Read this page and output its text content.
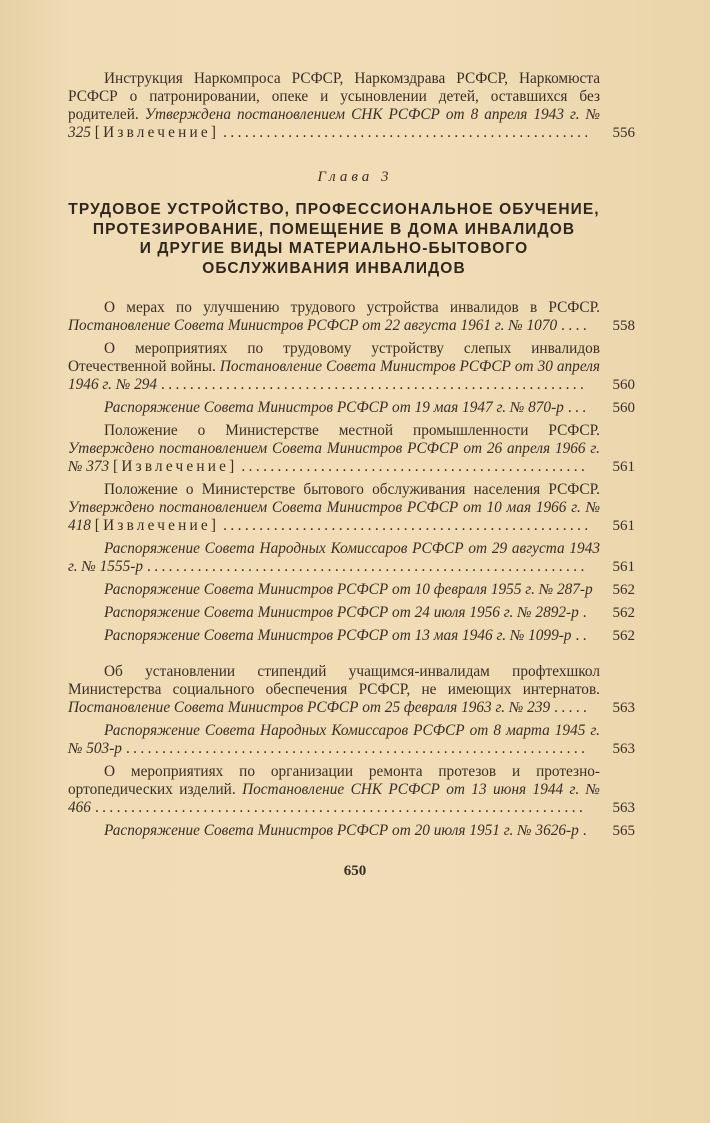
Инструкция Наркомпроса РСФСР, Наркомздрава РСФСР, Наркомюста РСФСР о патронировании, опеке и усыновлении детей, оставшихся без родителей. Утверждена постановлением СНК РСФСР от 8 апреля 1943 г. № 325 [Извлечение] ...................................................	556
Глава 3
ТРУДОВОЕ УСТРОЙСТВО, ПРОФЕССИОНАЛЬНОЕ ОБУЧЕНИЕ,
ПРОТЕЗИРОВАНИЕ, ПОМЕЩЕНИЕ В ДОМА ИНВАЛИДОВ
И ДРУГИЕ ВИДЫ МАТЕРИАЛЬНО-БЫТОВОГО
ОБСЛУЖИВАНИЯ ИНВАЛИДОВ
О мерах по улучшению трудового устройства инвалидов в РСФСР. Постановление Совета Министров РСФСР от 22 августа 1961 г. № 1070 ....	558
О мероприятиях по трудовому устройству слепых инвалидов Отечественной войны. Постановление Совета Министров РСФСР от 30 апреля 1946 г. № 294 ...........................................................	560
Распоряжение Совета Министров РСФСР от 19 мая 1947 г. № 870-р ...	560
Положение о Министерстве местной промышленности РСФСР. Утверждено постановлением Совета Министров РСФСР от 26 апреля 1966 г. № 373 [Извлечение] ................................................	561
Положение о Министерстве бытового обслуживания населения РСФСР. Утверждено постановлением Совета Министров РСФСР от 10 мая 1966 г. № 418 [Извлечение] ...................................................	561
Распоряжение Совета Народных Комиссаров РСФСР от 29 августа 1943 г. № 1555-р .............................................................	561
Распоряжение Совета Министров РСФСР от 10 февраля 1955 г. № 287-р	562
Распоряжение Совета Министров РСФСР от 24 июля 1956 г. № 2892-р .	562
Распоряжение Совета Министров РСФСР от 13 мая 1946 г. № 1099-р ..	562
Об установлении стипендий учащимся-инвалидам профтехшкол Министерства социального обеспечения РСФСР, не имеющих интернатов. Постановление Совета Министров РСФСР от 25 февраля 1963 г. № 239 .....	563
Распоряжение Совета Народных Комиссаров РСФСР от 8 марта 1945 г. № 503-р ................................................................	563
О мероприятиях по организации ремонта протезов и протезно-ортопедических изделий. Постановление СНК РСФСР от 13 июня 1944 г. № 466 ....................................................................	563
Распоряжение Совета Министров РСФСР от 20 июля 1951 г. № 3626-р .	565
650
